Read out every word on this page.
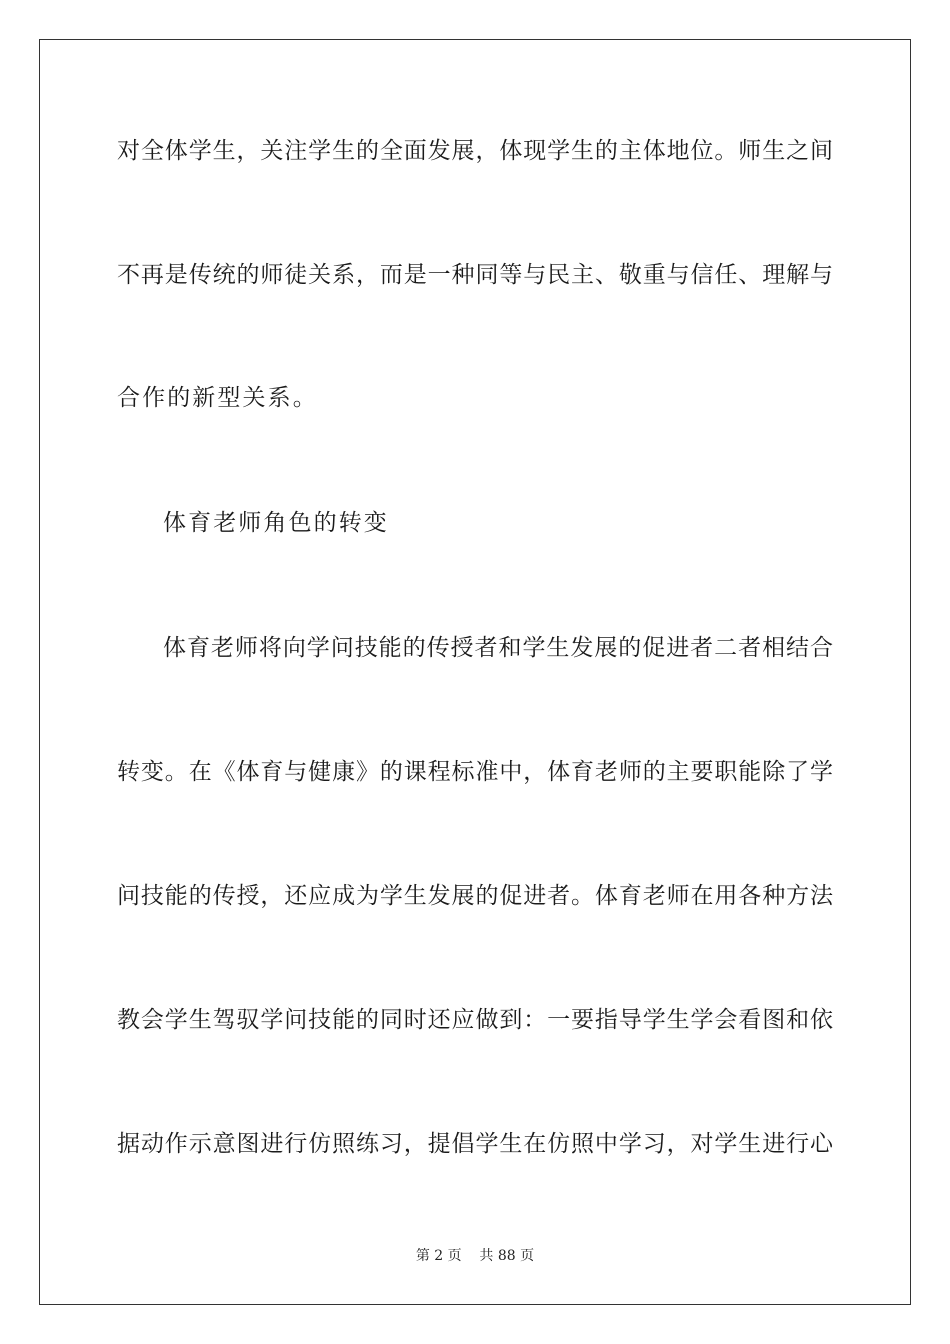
对全体学生，关注学生的全面发展，体现学生的主体地位。师生之间
不再是传统的师徒关系，而是一种同等与民主、敬重与信任、理解与
合作的新型关系。
体育老师角色的转变
体育老师将向学问技能的传授者和学生发展的促进者二者相结合
转变。在《体育与健康》的课程标准中，体育老师的主要职能除了学
问技能的传授，还应成为学生发展的促进者。体育老师在用各种方法
教会学生驾驭学问技能的同时还应做到：一要指导学生学会看图和依
据动作示意图进行仿照练习，提倡学生在仿照中学习，对学生进行心
第 2 页    共 88 页
